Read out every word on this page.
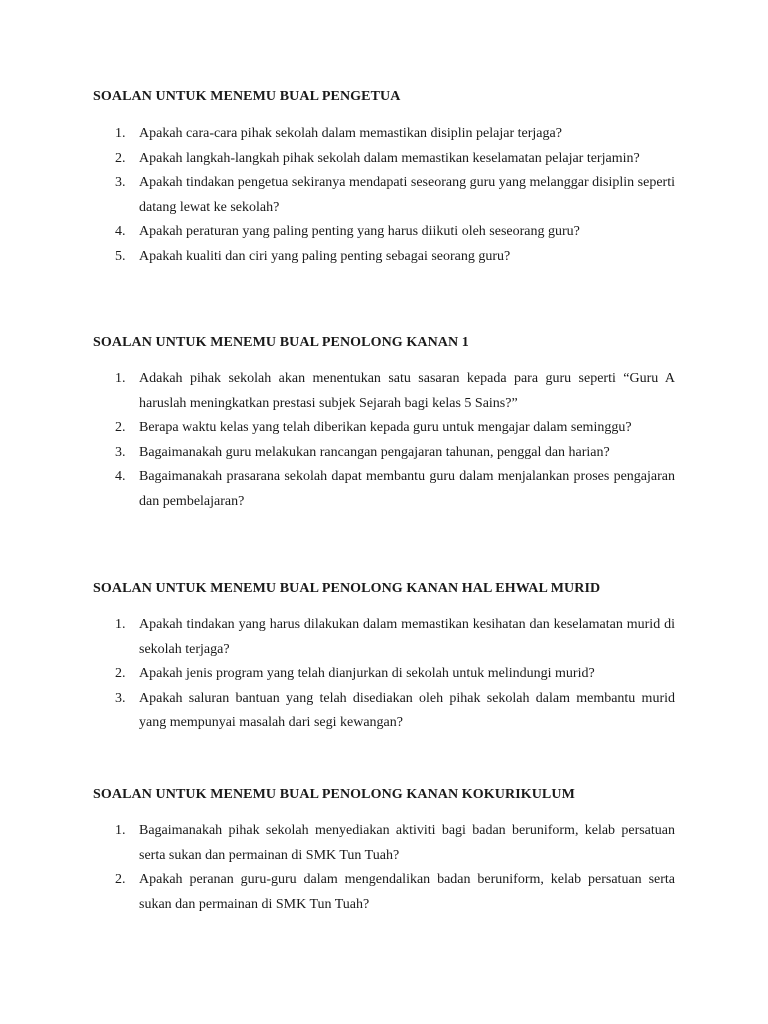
SOALAN UNTUK MENEMU BUAL PENGETUA
1. Apakah cara-cara pihak sekolah dalam memastikan disiplin pelajar terjaga?
2. Apakah langkah-langkah pihak sekolah dalam memastikan keselamatan pelajar terjamin?
3. Apakah tindakan pengetua sekiranya mendapati seseorang guru yang melanggar disiplin seperti datang lewat ke sekolah?
4. Apakah peraturan yang paling penting yang harus diikuti oleh seseorang guru?
5. Apakah kualiti dan ciri yang paling penting sebagai seorang guru?
SOALAN UNTUK MENEMU BUAL PENOLONG KANAN 1
1. Adakah pihak sekolah akan menentukan satu sasaran kepada para guru seperti “Guru A haruslah meningkatkan prestasi subjek Sejarah bagi kelas 5 Sains?”
2. Berapa waktu kelas yang telah diberikan kepada guru untuk mengajar dalam seminggu?
3. Bagaimanakah guru melakukan rancangan pengajaran tahunan, penggal dan harian?
4. Bagaimanakah prasarana sekolah dapat membantu guru dalam menjalankan proses pengajaran dan pembelajaran?
SOALAN UNTUK MENEMU BUAL PENOLONG KANAN HAL EHWAL MURID
1. Apakah tindakan yang harus dilakukan dalam memastikan kesihatan dan keselamatan murid di sekolah terjaga?
2. Apakah jenis program yang telah dianjurkan di sekolah untuk melindungi murid?
3. Apakah saluran bantuan yang telah disediakan oleh pihak sekolah dalam membantu murid yang mempunyai masalah dari segi kewangan?
SOALAN UNTUK MENEMU BUAL PENOLONG KANAN KOKURIKULUM
1. Bagaimanakah pihak sekolah menyediakan aktiviti bagi badan beruniform, kelab persatuan serta sukan dan permainan di SMK Tun Tuah?
2. Apakah peranan guru-guru dalam mengendalikan badan beruniform, kelab persatuan serta sukan dan permainan di SMK Tun Tuah?
